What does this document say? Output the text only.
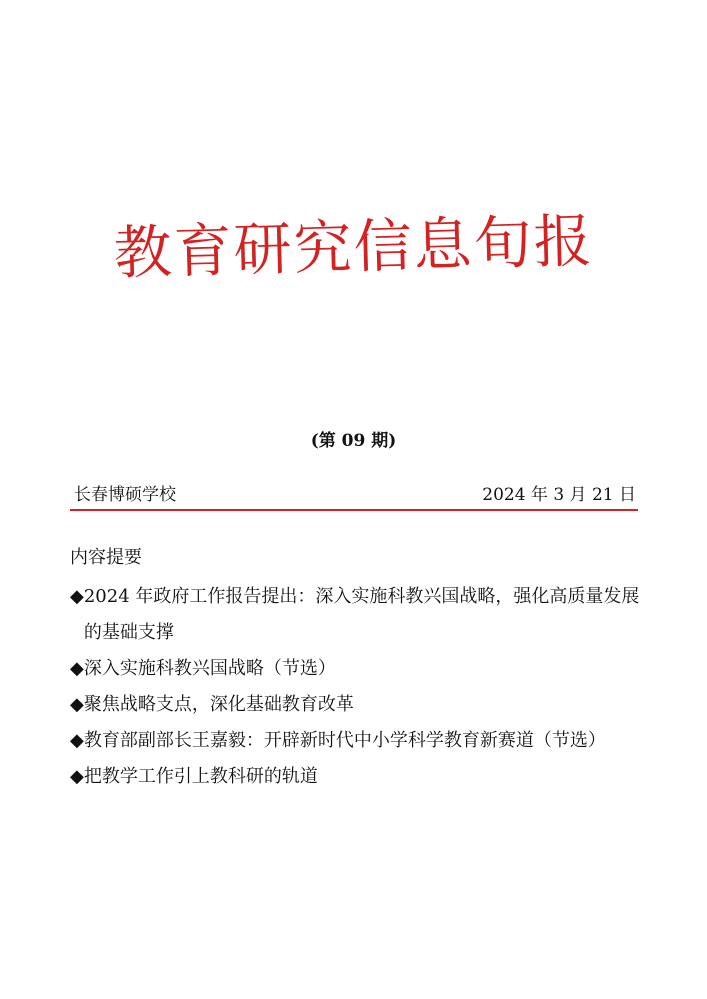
教育研究信息旬报
(第 09 期)
长春博硕学校	2024 年 3 月 21 日
内容提要
◆ 2024 年政府工作报告提出：深入实施科教兴国战略，强化高质量发展的基础支撑
◆ 深入实施科教兴国战略（节选）
◆ 聚焦战略支点，深化基础教育改革
◆ 教育部副部长王嘉毅：开辟新时代中小学科学教育新赛道（节选）
◆ 把教学工作引上教科研的轨道
